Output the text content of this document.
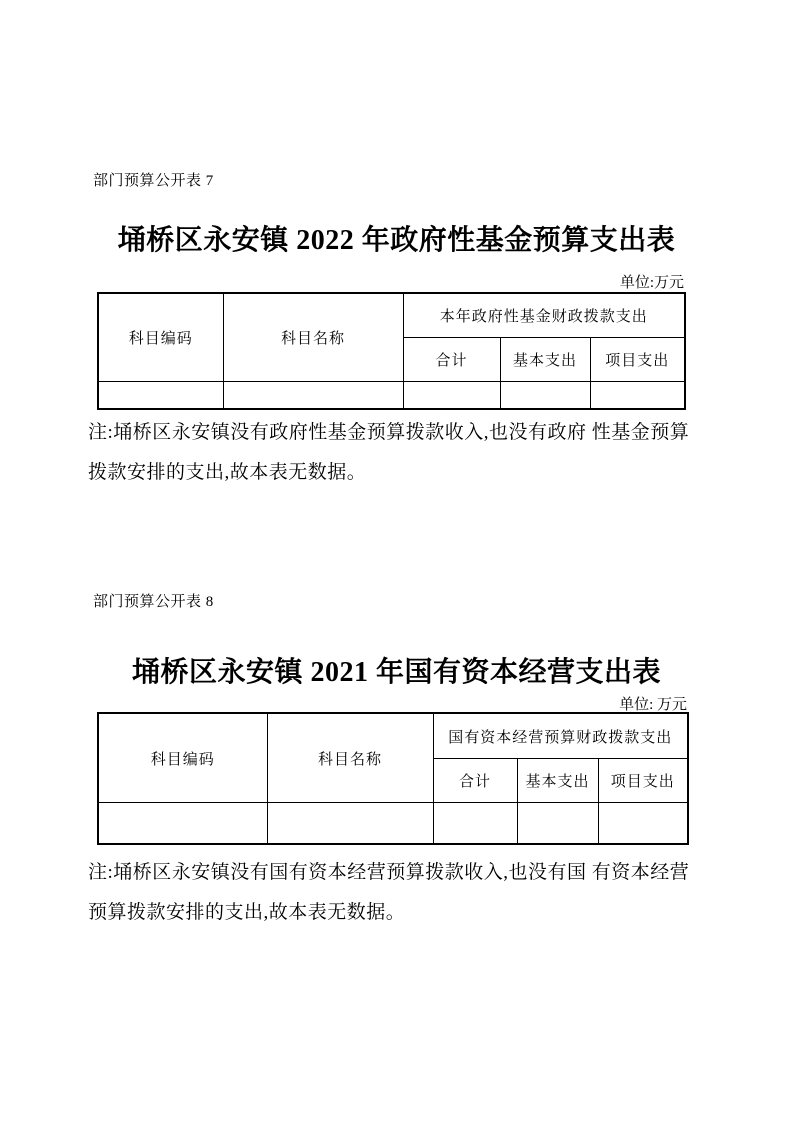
部门预算公开表 7
埇桥区永安镇 2022 年政府性基金预算支出表
单位:万元
科目编码	科目名称	本年政府性基金财政拨款支出		
		合计	基本支出	项目支出

注:埇桥区永安镇没有政府性基金预算拨款收入,也没有政府 性基金预算
拨款安排的支出,故本表无数据。

部门预算公开表 8
埇桥区永安镇 2021 年国有资本经营支出表
单位: 万元
科目编码	科目名称	国有资本经营预算财政拨款支出		
		合计	基本支出	项目支出

注:埇桥区永安镇没有国有资本经营预算拨款收入,也没有国 有资本经营
预算拨款安排的支出,故本表无数据。
